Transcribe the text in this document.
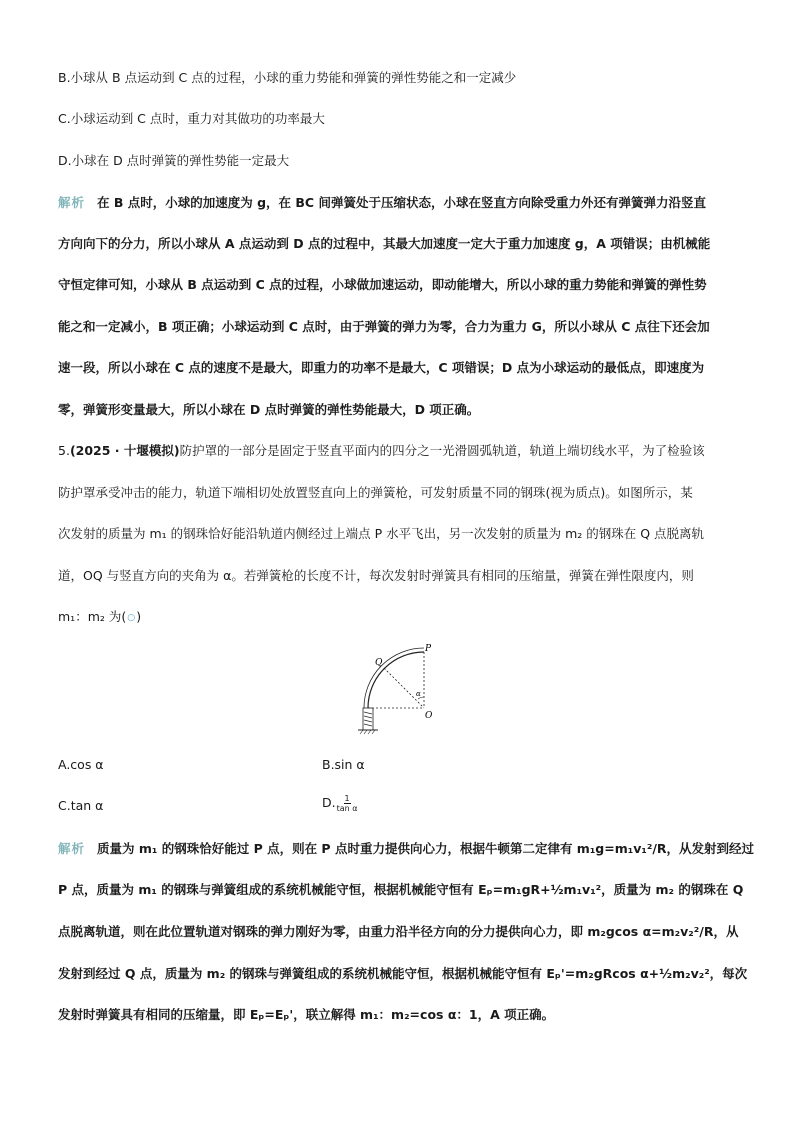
B.小球从 B 点运动到 C 点的过程，小球的重力势能和弹簧的弹性势能之和一定减少
C.小球运动到 C 点时，重力对其做功的功率最大
D.小球在 D 点时弹簧的弹性势能一定最大
解析 在 B 点时，小球的加速度为 g，在 BC 间弹簧处于压缩状态，小球在竖直方向除受重力外还有弹簧弹力沿竖直
方向向下的分力，所以小球从 A 点运动到 D 点的过程中，其最大加速度一定大于重力加速度 g，A 项错误；由机械能
守恒定律可知，小球从 B 点运动到 C 点的过程，小球做加速运动，即动能增大，所以小球的重力势能和弹簧的弹性势
能之和一定减小，B 项正确；小球运动到 C 点时，由于弹簧的弹力为零，合力为重力 G，所以小球从 C 点往下还会加
速一段，所以小球在 C 点的速度不是最大，即重力的功率不是最大，C 项错误；D 点为小球运动的最低点，即速度为
零，弹簧形变量最大，所以小球在 D 点时弹簧的弹性势能最大，D 项正确。
5.(2025 · 十堰模拟)防护罩的一部分是固定于竖直平面内的四分之一光滑圆弧轨道，轨道上端切线水平，为了检验该
防护罩承受冲击的能力，轨道下端相切处放置竖直向上的弹簧枪，可发射质量不同的钢珠(视为质点)。如图所示，某
次发射的质量为 m₁ 的钢珠恰好能沿轨道内侧经过上端点 P 水平飞出，另一次发射的质量为 m₂ 的钢珠在 Q 点脱离轨
道，OQ 与竖直方向的夹角为 α。若弹簧枪的长度不计，每次发射时弹簧具有相同的压缩量，弹簧在弹性限度内，则
m₁：m₂ 为(○)
P
Q
O
α
A.cos α	B.sin α
C.tan α	D. $\frac{1}{\text{tan α}}$
解析 质量为 m₁ 的钢珠恰好能过 P 点，则在 P 点时重力提供向心力，根据牛顿第二定律有 m₁g=m₁v₁²/R，从发射到经过
P 点，质量为 m₁ 的钢珠与弹簧组成的系统机械能守恒，根据机械能守恒有 Eₚ=m₁gR+½m₁v₁²，质量为 m₂ 的钢珠在 Q
点脱离轨道，则在此位置轨道对钢珠的弹力刚好为零，由重力沿半径方向的分力提供向心力，即 m₂gcos α=m₂v₂²/R，从
发射到经过 Q 点，质量为 m₂ 的钢珠与弹簧组成的系统机械能守恒，根据机械能守恒有 Eₚ'=m₂gRcos α+½m₂v₂²，每次
发射时弹簧具有相同的压缩量，即 Eₚ=Eₚ'，联立解得 m₁：m₂=cos α：1，A 项正确。
